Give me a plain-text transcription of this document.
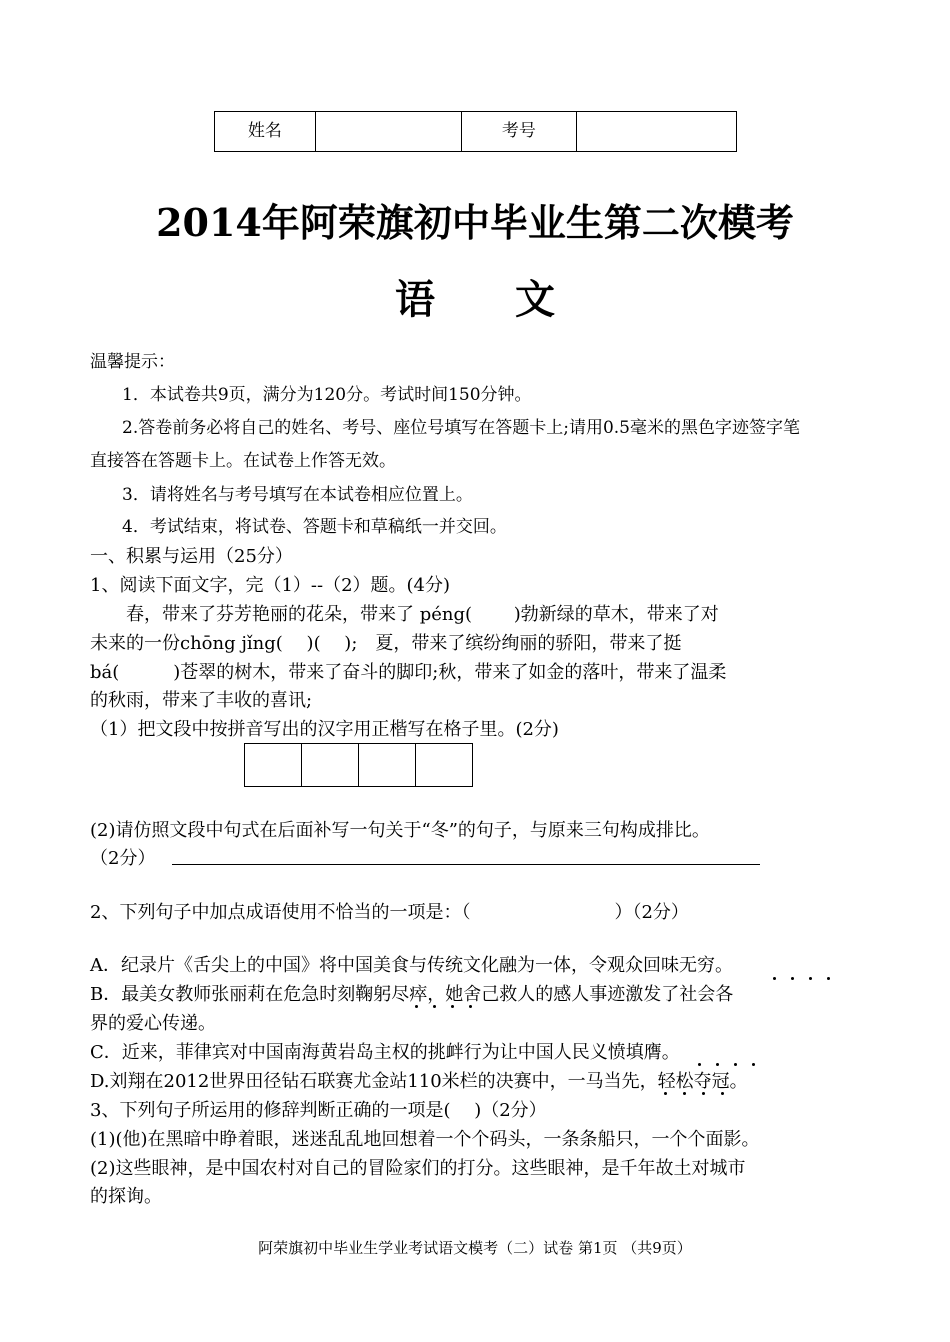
姓名		考号	
2014年阿荣旗初中毕业生第二次模考
语　　文
温馨提示：
1．本试卷共9页，满分为120分。考试时间150分钟。
2.答卷前务必将自己的姓名、考号、座位号填写在答题卡上;请用0.5毫米的黑色字迹签字笔
直接答在答题卡上。在试卷上作答无效。
3．请将姓名与考号填写在本试卷相应位置上。
4．考试结束，将试卷、答题卡和草稿纸一并交回。
一、积累与运用（25分）
1、阅读下面文字，完（1）--（2）题。(4分)
　　春，带来了芬芳艳丽的花朵，带来了 péng(　　 )勃新绿的草木，带来了对
未来的一份chōng jǐng(　 )(　 );　夏，带来了缤纷绚丽的骄阳，带来了挺
bá(　　　)苍翠的树木，带来了奋斗的脚印;秋，带来了如金的落叶，带来了温柔
的秋雨，带来了丰收的喜讯;
（1）把文段中按拼音写出的汉字用正楷写在格子里。(2分)
(2)请仿照文段中句式在后面补写一句关于“冬”的句子，与原来三句构成排比。
（2分）
2、下列句子中加点成语使用不恰当的一项是：（　　　　　　　　）（2分）
A．纪录片《舌尖上的中国》将中国美食与传统文化融为一体，令观众回味无穷。
B．最美女教师张丽莉在危急时刻鞠躬尽瘁，她舍己救人的感人事迹激发了社会各
界的爱心传递。
C．近来，菲律宾对中国南海黄岩岛主权的挑衅行为让中国人民义愤填膺。
D.刘翔在2012世界田径钻石联赛尤金站110米栏的决赛中，一马当先，轻松夺冠。
3、下列句子所运用的修辞判断正确的一项是(　 )（2分）
(1)(他)在黑暗中睁着眼，迷迷乱乱地回想着一个个码头，一条条船只，一个个面影。
(2)这些眼神，是中国农村对自己的冒险家们的打分。这些眼神，是千年故土对城市
的探询。
阿荣旗初中毕业生学业考试语文模考（二）试卷 第1页 （共9页）
